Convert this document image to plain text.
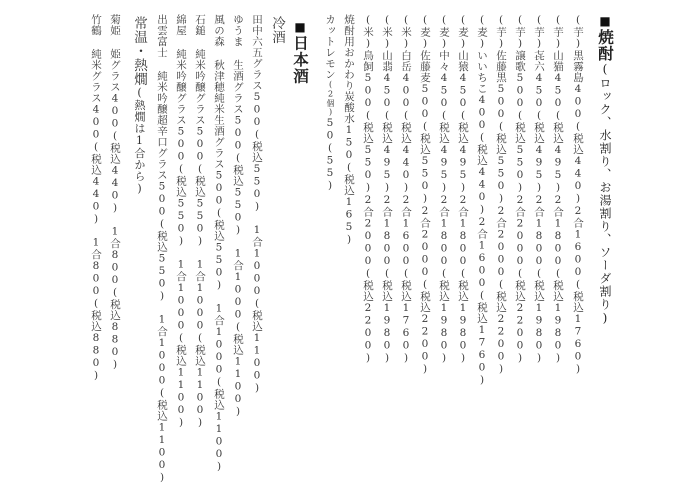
■焼酎(ロック、水割り、お湯割り、ソーダ割り)
(芋)黒霧島400(税込440)2合1600(税込1760)
(芋)山猫450(税込495)2合1800(税込1980)
(芋)㐂六450(税込495)2合1800(税込1980)
(芋)譲歌500(税込550)2合2000(税込2200)
(芋)佐藤黒500(税込550)2合2000(税込2200)
(麦)いいちこ400(税込440)2合1600(税込1760)
(麦)山猿450(税込495)2合1800(税込1980)
(麦)中々450(税込495)2合1800(税込1980)
(麦)佐藤麦500(税込550)2合2000(税込2200)
(米)白岳400(税込440)2合1600(税込1760)
(米)山翡450(税込495)2合1800(税込1980)
(米)鳥飼500(税込550)2合2000(税込2200)
焼酎用おかわり炭酸水150(税込165)
カットレモン(2個)50(55)
■日本酒
冷酒
田中六五グラス500(税込550)　1合1000(税込1100)
ゆうま 生酒グラス500(税込550)　1合1000(税込1100)
風の森 秋津穂純米生酒グラス500(税込550)　1合1000(税込1100)
石鎚 純米吟醸グラス500(税込550)　1合1000(税込1100)
綿屋 純米吟醸グラス500(税込550)　1合1000(税込1100)
出雲富士 純米吟醸超辛口グラス500(税込550)　1合1000(税込1100)
常温・熱燗(熱燗は1合から)
菊姫 姫グラス400(税込440)　1合800(税込880)
竹鶴 純米グラス400(税込440)　1合800(税込880)
